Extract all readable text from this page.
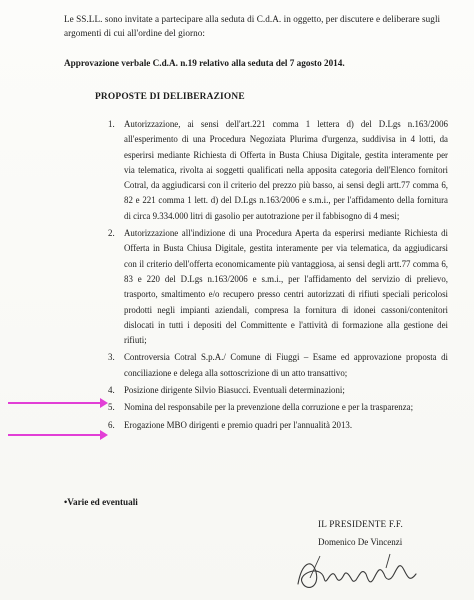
Le SS.LL. sono invitate a partecipare alla seduta di C.d.A. in oggetto, per discutere e deliberare sugli argomenti di cui all'ordine del giorno:
Approvazione verbale C.d.A. n.19 relativo alla seduta del 7 agosto 2014.
PROPOSTE DI DELIBERAZIONE
1. Autorizzazione, ai sensi dell'art.221 comma 1 lettera d) del D.Lgs n.163/2006 all'esperimento di una Procedura Negoziata Plurima d'urgenza, suddivisa in 4 lotti, da esperirsi mediante Richiesta di Offerta in Busta Chiusa Digitale, gestita interamente per via telematica, rivolta ai soggetti qualificati nella apposita categoria dell'Elenco fornitori Cotral, da aggiudicarsi con il criterio del prezzo più basso, ai sensi degli artt.77 comma 6, 82 e 221 comma 1 lett. d) del D.Lgs n.163/2006 e s.m.i., per l'affidamento della fornitura di circa 9.334.000 litri di gasolio per autotrazione per il fabbisogno di 4 mesi;
2. Autorizzazione all'indizione di una Procedura Aperta da esperirsi mediante Richiesta di Offerta in Busta Chiusa Digitale, gestita interamente per via telematica, da aggiudicarsi con il criterio dell'offerta economicamente più vantaggiosa, ai sensi degli artt.77 comma 6, 83 e 220 del D.Lgs n.163/2006 e s.m.i., per l'affidamento del servizio di prelievo, trasporto, smaltimento e/o recupero presso centri autorizzati di rifiuti speciali pericolosi prodotti negli impianti aziendali, compresa la fornitura di idonei cassoni/contenitori dislocati in tutti i depositi del Committente e l'attività di formazione alla gestione dei rifiuti;
3. Controversia Cotral S.p.A./ Comune di Fiuggi – Esame ed approvazione proposta di conciliazione e delega alla sottoscrizione di un atto transattivo;
4. Posizione dirigente Silvio Biasucci. Eventuali determinazioni;
5. Nomina del responsabile per la prevenzione della corruzione e per la trasparenza;
6. Erogazione MBO dirigenti e premio quadri per l'annualità 2013.
•Varie ed eventuali
IL PRESIDENTE F.F.
Domenico De Vincenzi
